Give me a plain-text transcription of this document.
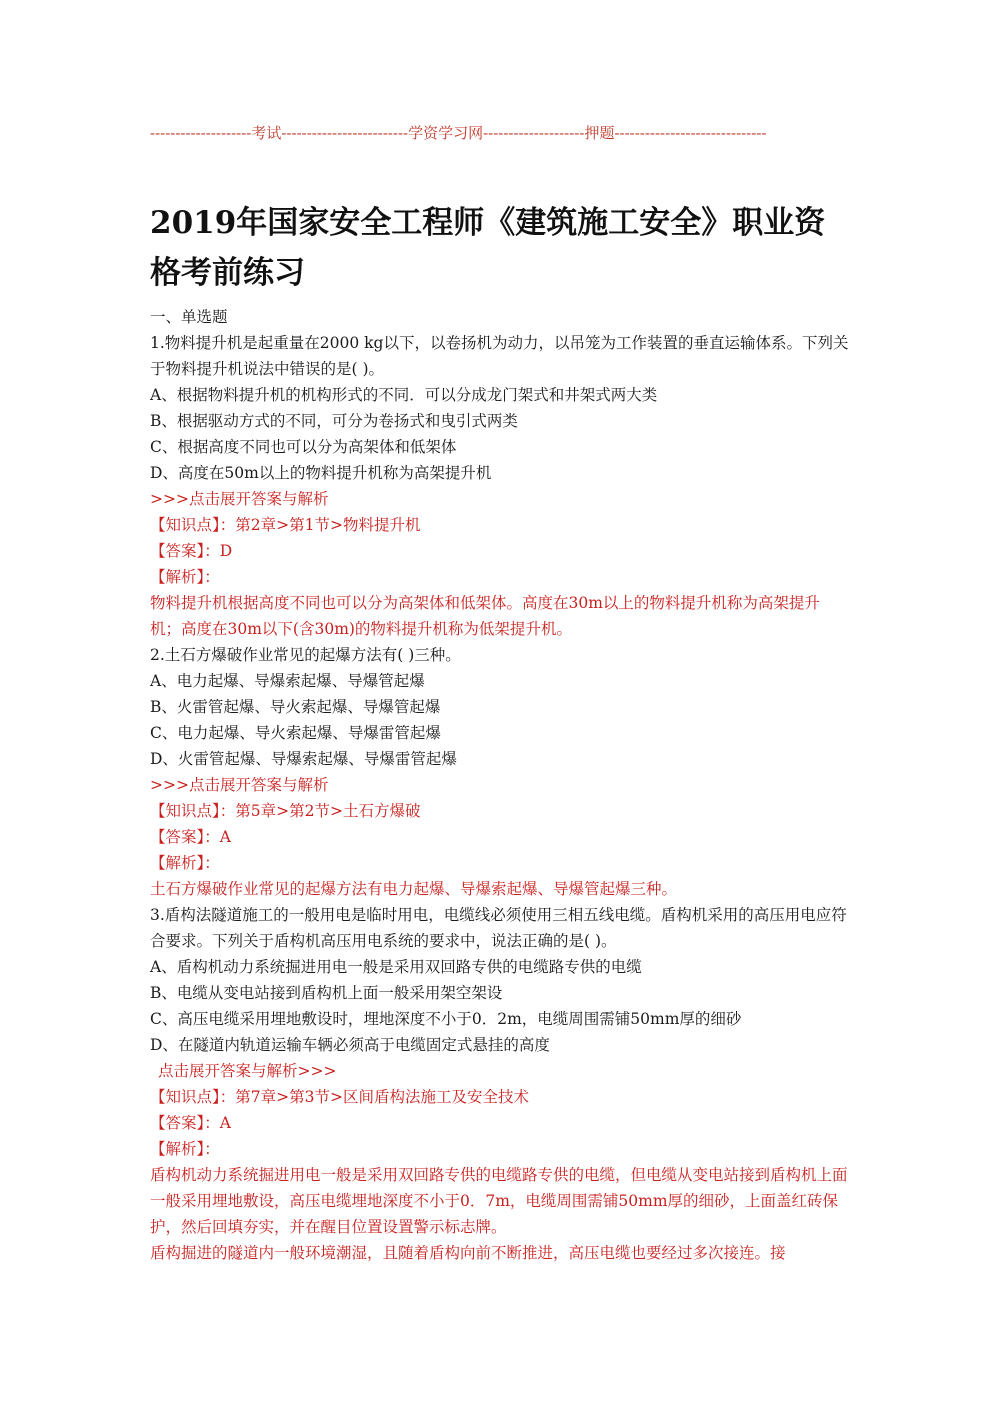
--------------------考试-------------------------学资学习网--------------------押题------------------------------
2019年国家安全工程师《建筑施工安全》职业资格考前练习
一、单选题
1.物料提升机是起重量在2000 kg以下，以卷扬机为动力，以吊笼为工作装置的垂直运输体系。下列关于物料提升机说法中错误的是( )。
A、根据物料提升机的机构形式的不同．可以分成龙门架式和井架式两大类
B、根据驱动方式的不同，可分为卷扬式和曳引式两类
C、根据高度不同也可以分为高架体和低架体
D、高度在50m以上的物料提升机称为高架提升机
>>>点击展开答案与解析
【知识点】：第2章>第1节>物料提升机
【答案】：D
【解析】：
物料提升机根据高度不同也可以分为高架体和低架体。高度在30m以上的物料提升机称为高架提升机；高度在30m以下(含30m)的物料提升机称为低架提升机。
2.土石方爆破作业常见的起爆方法有( )三种。
A、电力起爆、导爆索起爆、导爆管起爆
B、火雷管起爆、导火索起爆、导爆管起爆
C、电力起爆、导火索起爆、导爆雷管起爆
D、火雷管起爆、导爆索起爆、导爆雷管起爆
>>>点击展开答案与解析
【知识点】：第5章>第2节>土石方爆破
【答案】：A
【解析】：
土石方爆破作业常见的起爆方法有电力起爆、导爆索起爆、导爆管起爆三种。
3.盾构法隧道施工的一般用电是临时用电，电缆线必须使用三相五线电缆。盾构机采用的高压用电应符合要求。下列关于盾构机高压用电系统的要求中，说法正确的是( )。
A、盾构机动力系统掘进用电一般是采用双回路专供的电缆路专供的电缆
B、电缆从变电站接到盾构机上面一般采用架空架设
C、高压电缆采用埋地敷设时，埋地深度不小于0．2m，电缆周围需铺50mm厚的细砂
D、在隧道内轨道运输车辆必须高于电缆固定式悬挂的高度
点击展开答案与解析>>>
【知识点】：第7章>第3节>区间盾构法施工及安全技术
【答案】：A
【解析】：
盾构机动力系统掘进用电一般是采用双回路专供的电缆路专供的电缆，但电缆从变电站接到盾构机上面一般采用埋地敷设，高压电缆埋地深度不小于0．7m，电缆周围需铺50mm厚的细砂，上面盖红砖保护，然后回填夯实，并在醒目位置设置警示标志牌。
盾构掘进的隧道内一般环境潮湿，且随着盾构向前不断推进，高压电缆也要经过多次接连。接
